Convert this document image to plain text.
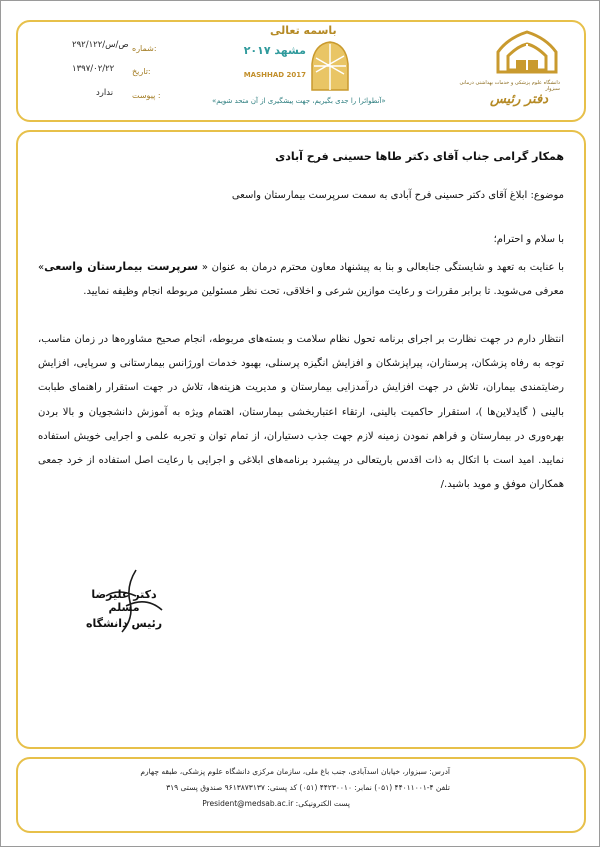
دانشگاه علوم پزشکی و خدمات بهداشتی درمانی سبزوار
دفتر رئیس
باسمه تعالی
مشهد ۲۰۱۷
MASHHAD 2017
«آنطوائرا را جدی بگیریم، جهت پیشگیری از آن متحد شویم»
شماره:
۲۹۲/ص/س/۱۲۲
تاریخ:
۱۳۹۷/۰۲/۲۲
پیوست :
ندارد
همکار گرامی جناب آقای دکتر طاها حسینی فرح آبادی
موضوع: ابلاغ آقای دکتر حسینی فرح آبادی به سمت سرپرست بیمارستان واسعی
با سلام و احترام؛
با عنایت به تعهد و شایستگی جنابعالی و بنا به پیشنهاد معاون محترم درمان به عنوان « سرپرست بیمارستان واسعی» معرفی می‌شوید. تا برابر مقررات و رعایت موازین شرعی و اخلاقی، تحت نظر مسئولین مربوطه انجام وظیفه نمایید.
انتظار دارم در جهت نظارت بر اجرای برنامه تحول نظام سلامت و بسته‌های مربوطه، انجام صحیح مشاوره‌ها در زمان مناسب، توجه به رفاه پزشکان، پرستاران، پیراپزشکان و افزایش انگیزه پرسنلی، بهبود خدمات اورژانس بیمارستانی و سرپایی، افزایش رضایتمندی بیماران، تلاش در جهت افزایش درآمدزایی بیمارستان و مدیریت هزینه‌ها، تلاش در جهت استقرار راهنمای طبابت بالینی ( گایدلاین‌ها )، استقرار حاکمیت بالینی، ارتقاء اعتباربخشی بیمارستان، اهتمام ویژه به آموزش دانشجویان و بالا بردن بهره‌وری در بیمارستان و فراهم نمودن زمینه لازم جهت جذب دستیاران، از تمام توان و تجربه علمی و اجرایی خویش استفاده نمایید. امید است با اتکال به ذات اقدس باریتعالی در پیشبرد برنامه‌های ابلاغی و اجرایی با رعایت اصل استفاده از خرد جمعی همکاران موفق و موید باشید./
دکتر علیرضا مسلم
رئیس دانشگاه
آدرس: سبزوار، خیابان اسدآبادی، جنب باغ ملی، سازمان مرکزی دانشگاه علوم پزشکی، طبقه چهارم
تلفن ۴-۴۴۰۱۱۰۰۱ (۰۵۱) نمابر: ۴۴۲۳۰۰۱۰ (۰۵۱) کد پستی: ۹۶۱۳۸۷۳۱۳۷ صندوق پستی ۳۱۹
پست الکترونیکی: President@medsab.ac.ir
